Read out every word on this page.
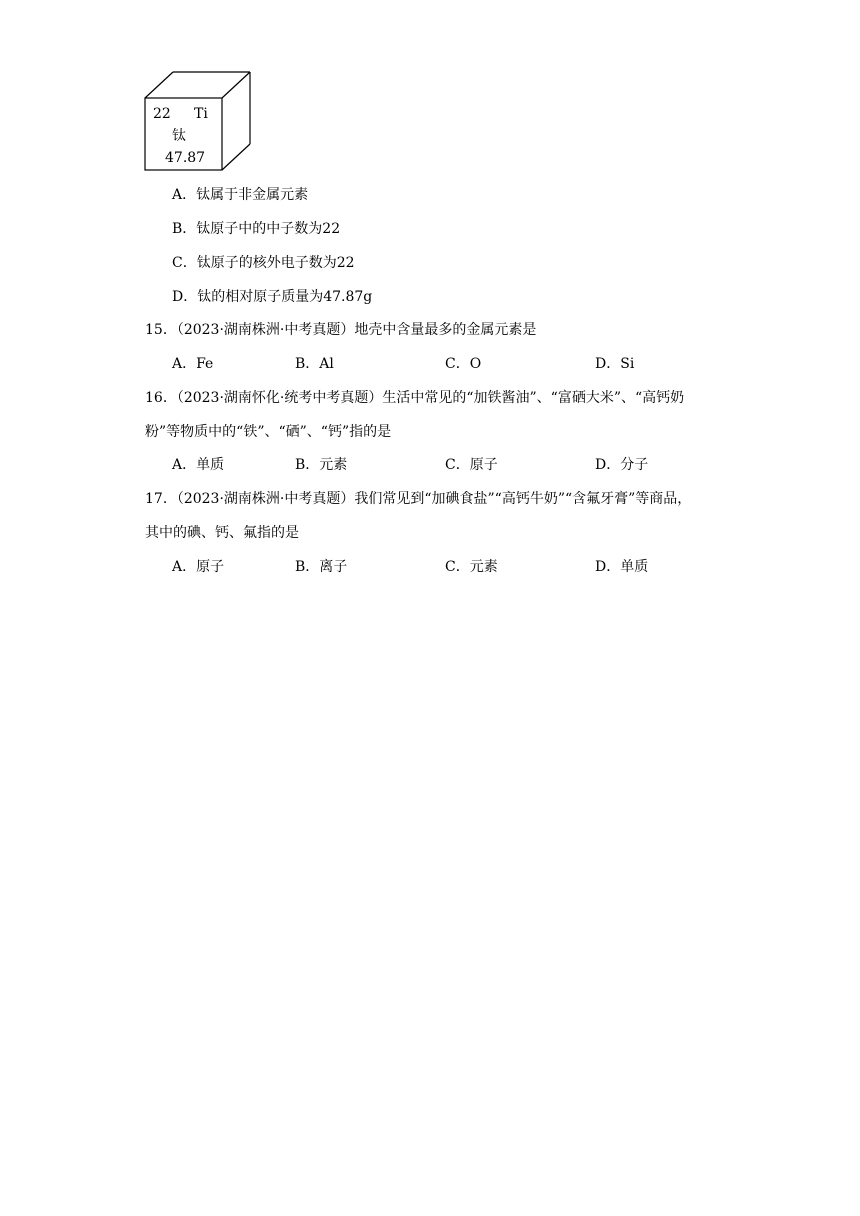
22 Ti
钛
47.87
A．钛属于非金属元素
B．钛原子中的中子数为22
C．钛原子的核外电子数为22
D．钛的相对原子质量为47.87g
15．（2023·湖南株洲·中考真题）地壳中含量最多的金属元素是
A．Fe	B．Al	C．O	D．Si
16．（2023·湖南怀化·统考中考真题）生活中常见的“加铁酱油”、“富硒大米”、“高钙奶
粉”等物质中的“铁”、“硒”、“钙”指的是
A．单质	B．元素	C．原子	D．分子
17．（2023·湖南株洲·中考真题）我们常见到“加碘食盐”“高钙牛奶”“含氟牙膏”等商品，
其中的碘、钙、氟指的是
A．原子	B．离子	C．元素	D．单质
